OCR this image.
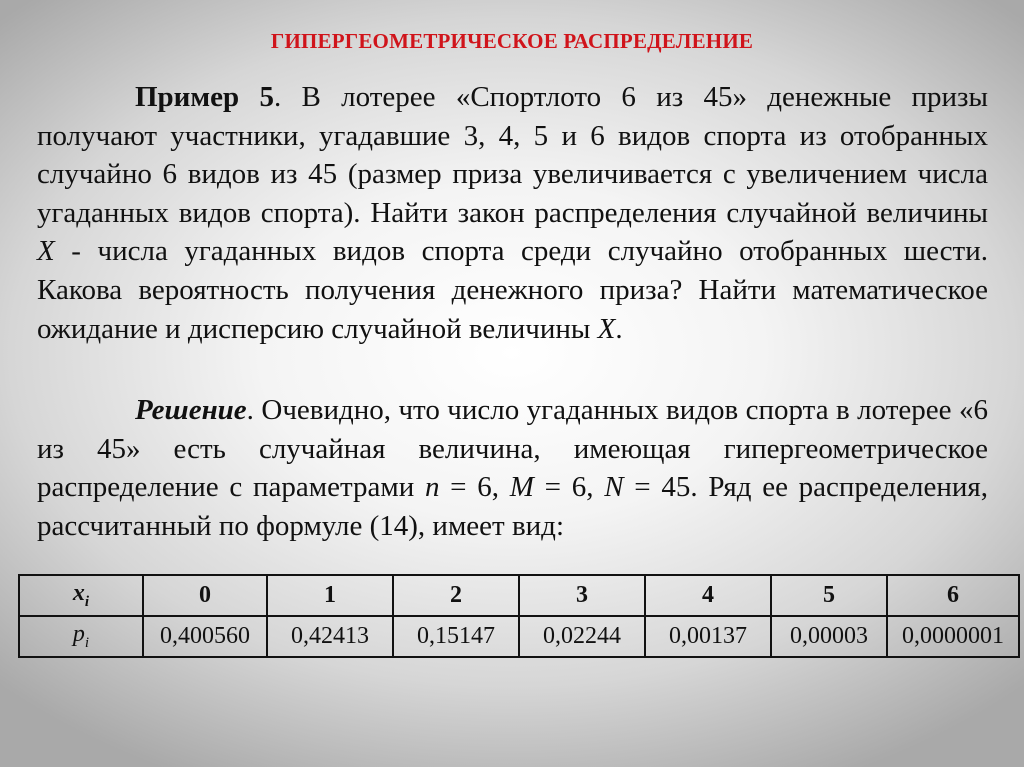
ГИПЕРГЕОМЕТРИЧЕСКОЕ РАСПРЕДЕЛЕНИЕ

Пример 5. В лотерее «Спортлото 6 из 45» денежные призы получают участники, угадавшие 3, 4, 5 и 6 видов спорта из отобранных случайно 6 видов из 45 (размер приза увеличивается с увеличением числа угаданных видов спорта). Найти закон распределения случайной величины X - числа угаданных видов спорта среди случайно отобранных шести. Какова вероятность получения денежного приза? Найти математическое ожидание и дисперсию случайной величины X.

Решение. Очевидно, что число угаданных видов спорта в лотерее «6 из 45» есть случайная величина, имеющая гипергеометрическое распределение с параметрами n = 6, M = 6, N = 45. Ряд ее распределения, рассчитанный по формуле (14), имеет вид:

$x_i$	0	1	2	3	4	5	6
$p_i$	0,400560	0,42413	0,15147	0,02244	0,00137	0,00003	0,0000001
